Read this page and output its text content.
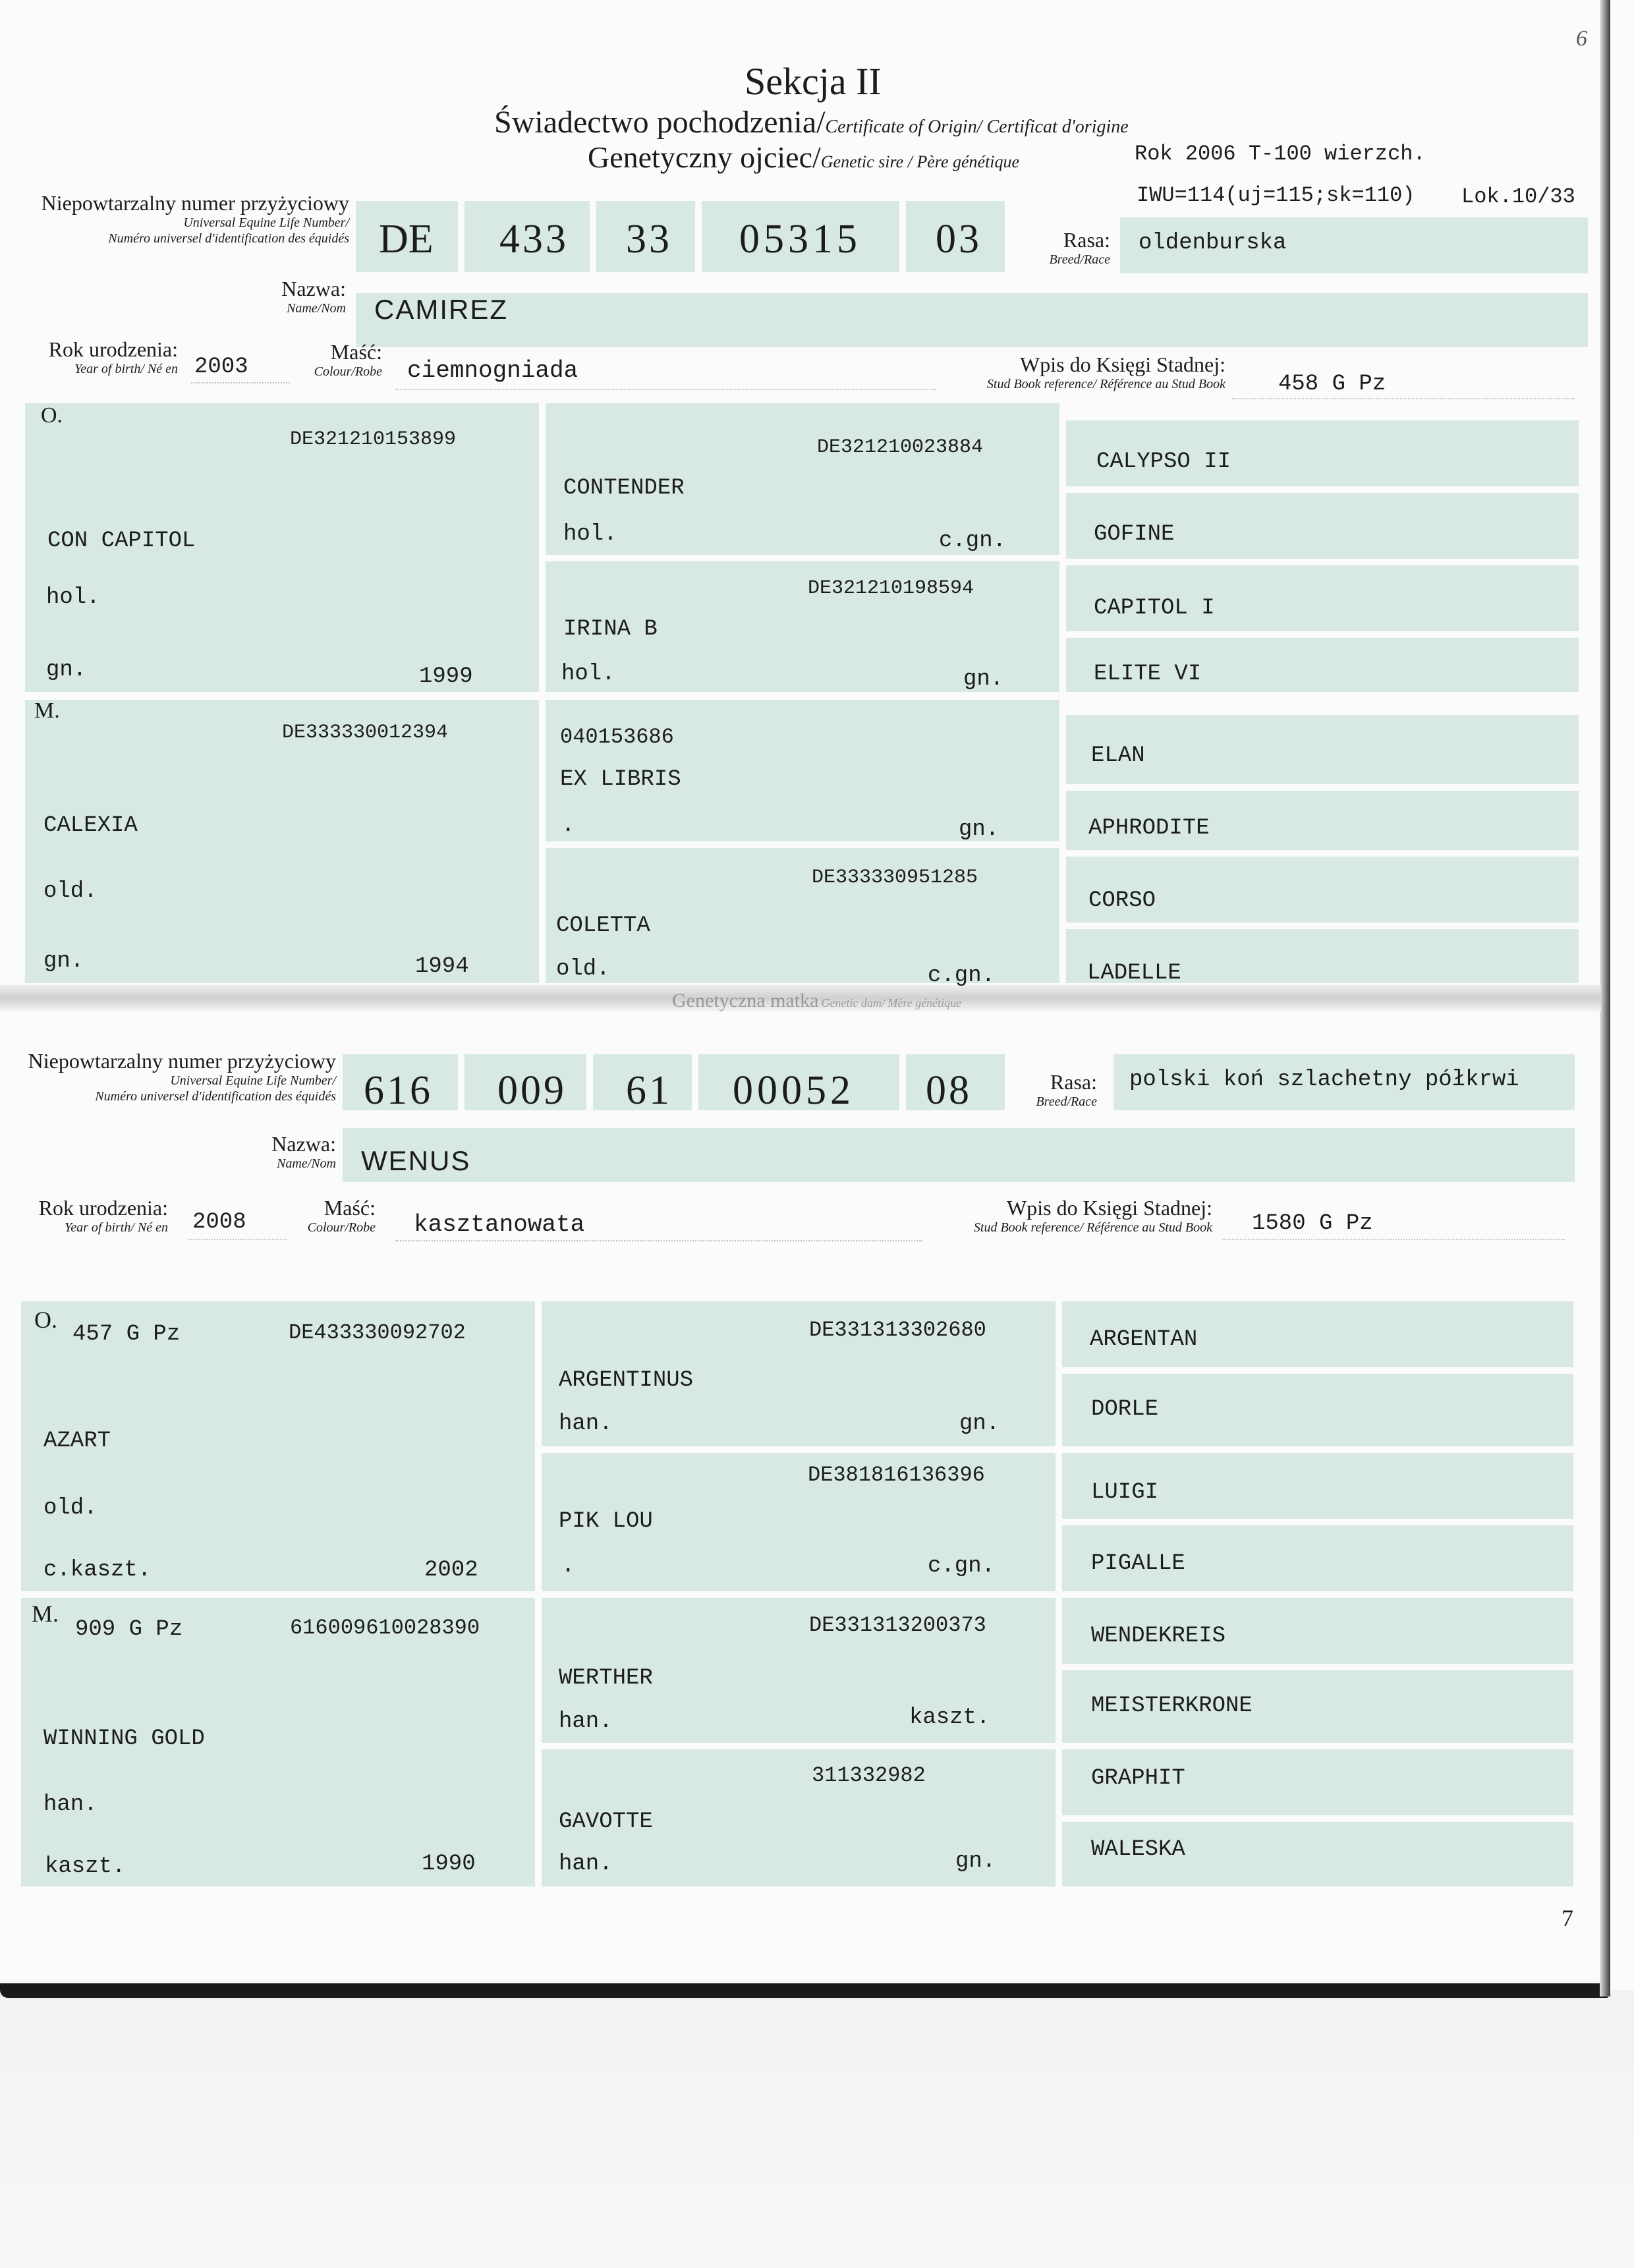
6
7
Sekcja II
Świadectwo pochodzenia/Certificate of Origin/ Certificat d'origine
Genetyczny ojciec/Genetic sire / Père génétique	Rok 2006 T-100 wierzch.
IWU=114(uj=115;sk=110) Lok.10/33
Niepowtarzalny numer przyżyciowy
Universal Equine Life Number/
Numéro universel d'identification des équidés DE 433 33 05315 03	Rasa:
Breed/Race
oldenburska
Nazwa:
Name/Nom CAMIREZ
Rok urodzenia:
Year of birth/ Né en 2003
Maść:
Colour/Robe ciemnogniada	Wpis do Księgi Stadnej:
Stud Book reference/ Référence au Stud Book 458 G Pz
O.
DE321210153899
CON CAPITOL
hol.
gn.	1999
M.
DE333330012394
CALEXIA
old.
gn.	1994
DE321210023884
CONTENDER
hol.	c.gn.
DE321210198594
IRINA B
hol.	gn.
040153686
EX LIBRIS
.	gn.
DE333330951285
COLETTA
old.	c.gn.
CALYPSO II
GOFINE
CAPITOL I
ELITE VI
ELAN
APHRODITE
CORSO
LADELLE
Genetyczna matka Genetic dam/ Mère génétique
Niepowtarzalny numer przyżyciowy
Universal Equine Life Number/
Numéro universel d'identification des équidés 616 009 61 00052 08	Rasa:
Breed/Race
polski koń szlachetny półkrwi
Nazwa:
Name/Nom WENUS
Rok urodzenia:
Year of birth/ Né en 2008
Maść:
Colour/Robe kasztanowata
Wpis do Księgi Stadnej:
Stud Book reference/ Référence au Stud Book 1580 G Pz
O.
457 G Pz	DE433330092702
AZART
old.
c.kaszt.	2002
M.
909 G Pz	616009610028390
WINNING GOLD
han.
kaszt.	1990
DE331313302680
ARGENTINUS
han.	gn.
DE381816136396
PIK LOU
.	c.gn.
DE331313200373
WERTHER
han.	kaszt.
311332982
GAVOTTE
han.	gn.
ARGENTAN
DORLE
LUIGI
PIGALLE
WENDEKREIS
MEISTERKRONE
GRAPHIT
WALESKA
